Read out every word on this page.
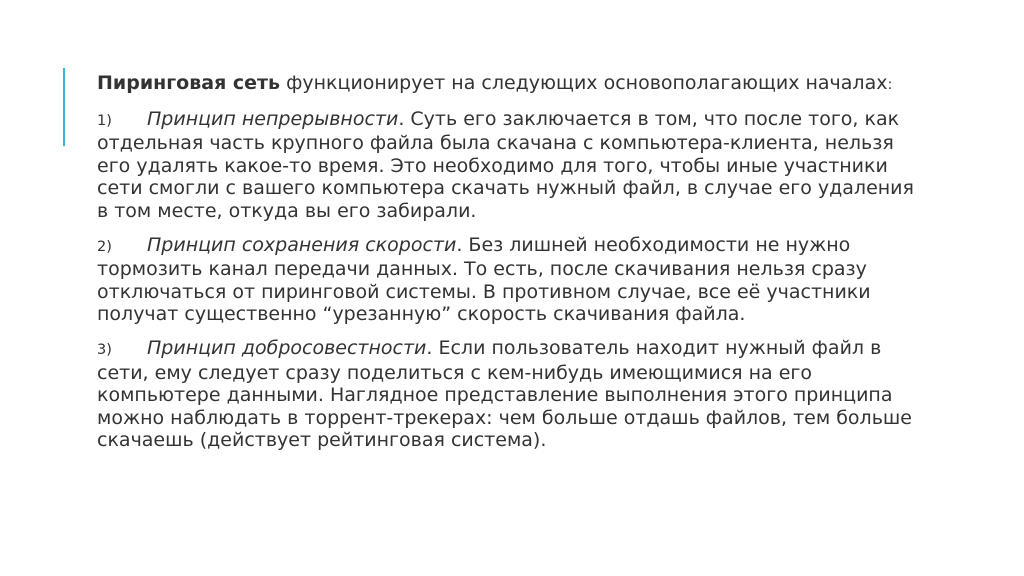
Пиринговая сеть функционирует на следующих основополагающих началах:

1) Принцип непрерывности. Суть его заключается в том, что после того, как отдельная часть крупного файла была скачана с компьютера-клиента, нельзя его удалять какое-то время. Это необходимо для того, чтобы иные участники сети смогли с вашего компьютера скачать нужный файл, в случае его удаления в том месте, откуда вы его забирали.

2) Принцип сохранения скорости. Без лишней необходимости не нужно тормозить канал передачи данных. То есть, после скачивания нельзя сразу отключаться от пиринговой системы. В противном случае, все её участники получат существенно “урезанную” скорость скачивания файла.

3) Принцип добросовестности. Если пользователь находит нужный файл в сети, ему следует сразу поделиться с кем-нибудь имеющимися на его компьютере данными. Наглядное представление выполнения этого принципа можно наблюдать в торрент-трекерах: чем больше отдашь файлов, тем больше скачаешь (действует рейтинговая система).
